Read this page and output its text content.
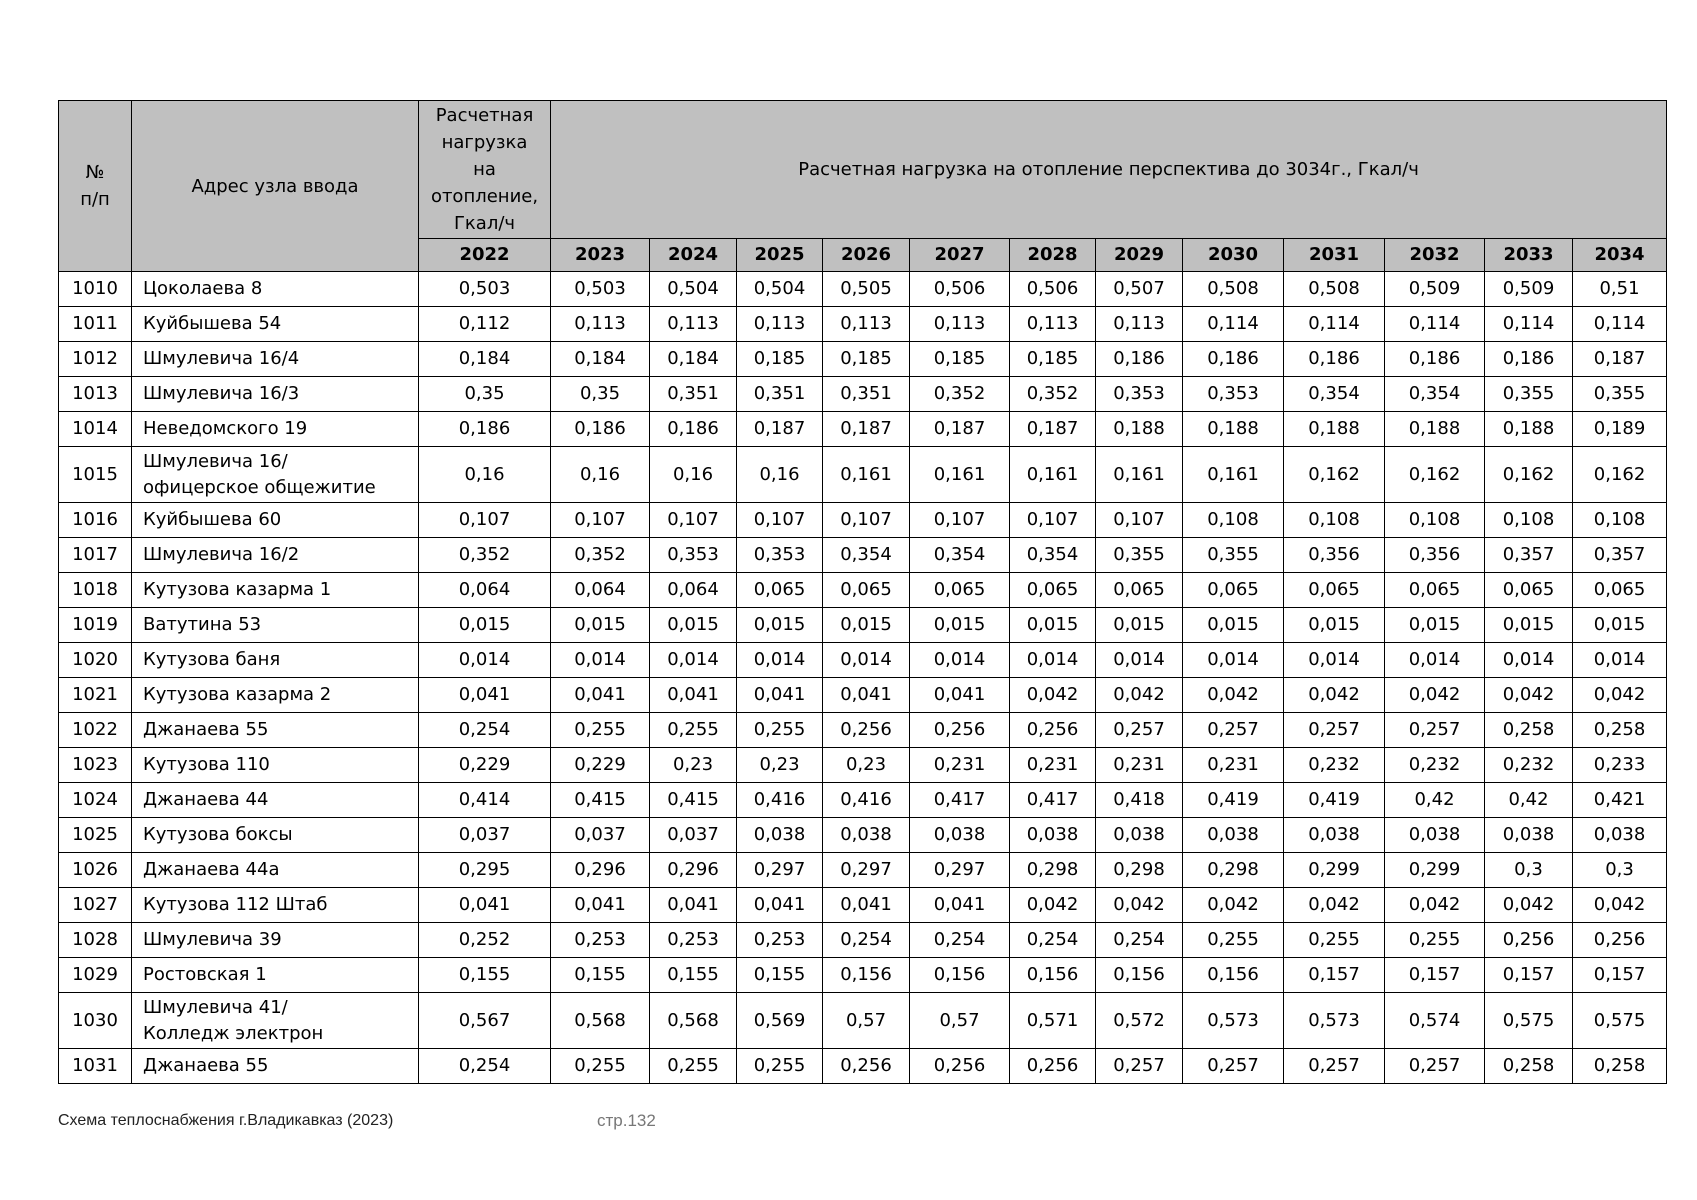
№
п/п	Адрес узла ввода	Расчетная
нагрузка
на
отопление,
Гкал/ч	Расчетная нагрузка на отопление перспектива до 3034г., Гкал/ч											
		2022	2023	2024	2025	2026	2027	2028	2029	2030	2031	2032	2033	2034
1010	Цоколаева 8	0,503	0,503	0,504	0,504	0,505	0,506	0,506	0,507	0,508	0,508	0,509	0,509	0,51
1011	Куйбышева 54	0,112	0,113	0,113	0,113	0,113	0,113	0,113	0,113	0,114	0,114	0,114	0,114	0,114
1012	Шмулевича 16/4	0,184	0,184	0,184	0,185	0,185	0,185	0,185	0,186	0,186	0,186	0,186	0,186	0,187
1013	Шмулевича 16/3	0,35	0,35	0,351	0,351	0,351	0,352	0,352	0,353	0,353	0,354	0,354	0,355	0,355
1014	Неведомского 19	0,186	0,186	0,186	0,187	0,187	0,187	0,187	0,188	0,188	0,188	0,188	0,188	0,189
1015	Шмулевича 16/
офицерское общежитие	0,16	0,16	0,16	0,16	0,161	0,161	0,161	0,161	0,161	0,162	0,162	0,162	0,162
1016	Куйбышева 60	0,107	0,107	0,107	0,107	0,107	0,107	0,107	0,107	0,108	0,108	0,108	0,108	0,108
1017	Шмулевича 16/2	0,352	0,352	0,353	0,353	0,354	0,354	0,354	0,355	0,355	0,356	0,356	0,357	0,357
1018	Кутузова казарма 1	0,064	0,064	0,064	0,065	0,065	0,065	0,065	0,065	0,065	0,065	0,065	0,065	0,065
1019	Ватутина 53	0,015	0,015	0,015	0,015	0,015	0,015	0,015	0,015	0,015	0,015	0,015	0,015	0,015
1020	Кутузова баня	0,014	0,014	0,014	0,014	0,014	0,014	0,014	0,014	0,014	0,014	0,014	0,014	0,014
1021	Кутузова казарма 2	0,041	0,041	0,041	0,041	0,041	0,041	0,042	0,042	0,042	0,042	0,042	0,042	0,042
1022	Джанаева 55	0,254	0,255	0,255	0,255	0,256	0,256	0,256	0,257	0,257	0,257	0,257	0,258	0,258
1023	Кутузова 110	0,229	0,229	0,23	0,23	0,23	0,231	0,231	0,231	0,231	0,232	0,232	0,232	0,233
1024	Джанаева 44	0,414	0,415	0,415	0,416	0,416	0,417	0,417	0,418	0,419	0,419	0,42	0,42	0,421
1025	Кутузова боксы	0,037	0,037	0,037	0,038	0,038	0,038	0,038	0,038	0,038	0,038	0,038	0,038	0,038
1026	Джанаева 44а	0,295	0,296	0,296	0,297	0,297	0,297	0,298	0,298	0,298	0,299	0,299	0,3	0,3
1027	Кутузова 112 Штаб	0,041	0,041	0,041	0,041	0,041	0,041	0,042	0,042	0,042	0,042	0,042	0,042	0,042
1028	Шмулевича 39	0,252	0,253	0,253	0,253	0,254	0,254	0,254	0,254	0,255	0,255	0,255	0,256	0,256
1029	Ростовская 1	0,155	0,155	0,155	0,155	0,156	0,156	0,156	0,156	0,156	0,157	0,157	0,157	0,157
1030	Шмулевича 41/
Колледж электрон	0,567	0,568	0,568	0,569	0,57	0,57	0,571	0,572	0,573	0,573	0,574	0,575	0,575
1031	Джанаева 55	0,254	0,255	0,255	0,255	0,256	0,256	0,256	0,257	0,257	0,257	0,257	0,258	0,258
Схема теплоснабжения г.Владикавказ (2023)	стр.132
